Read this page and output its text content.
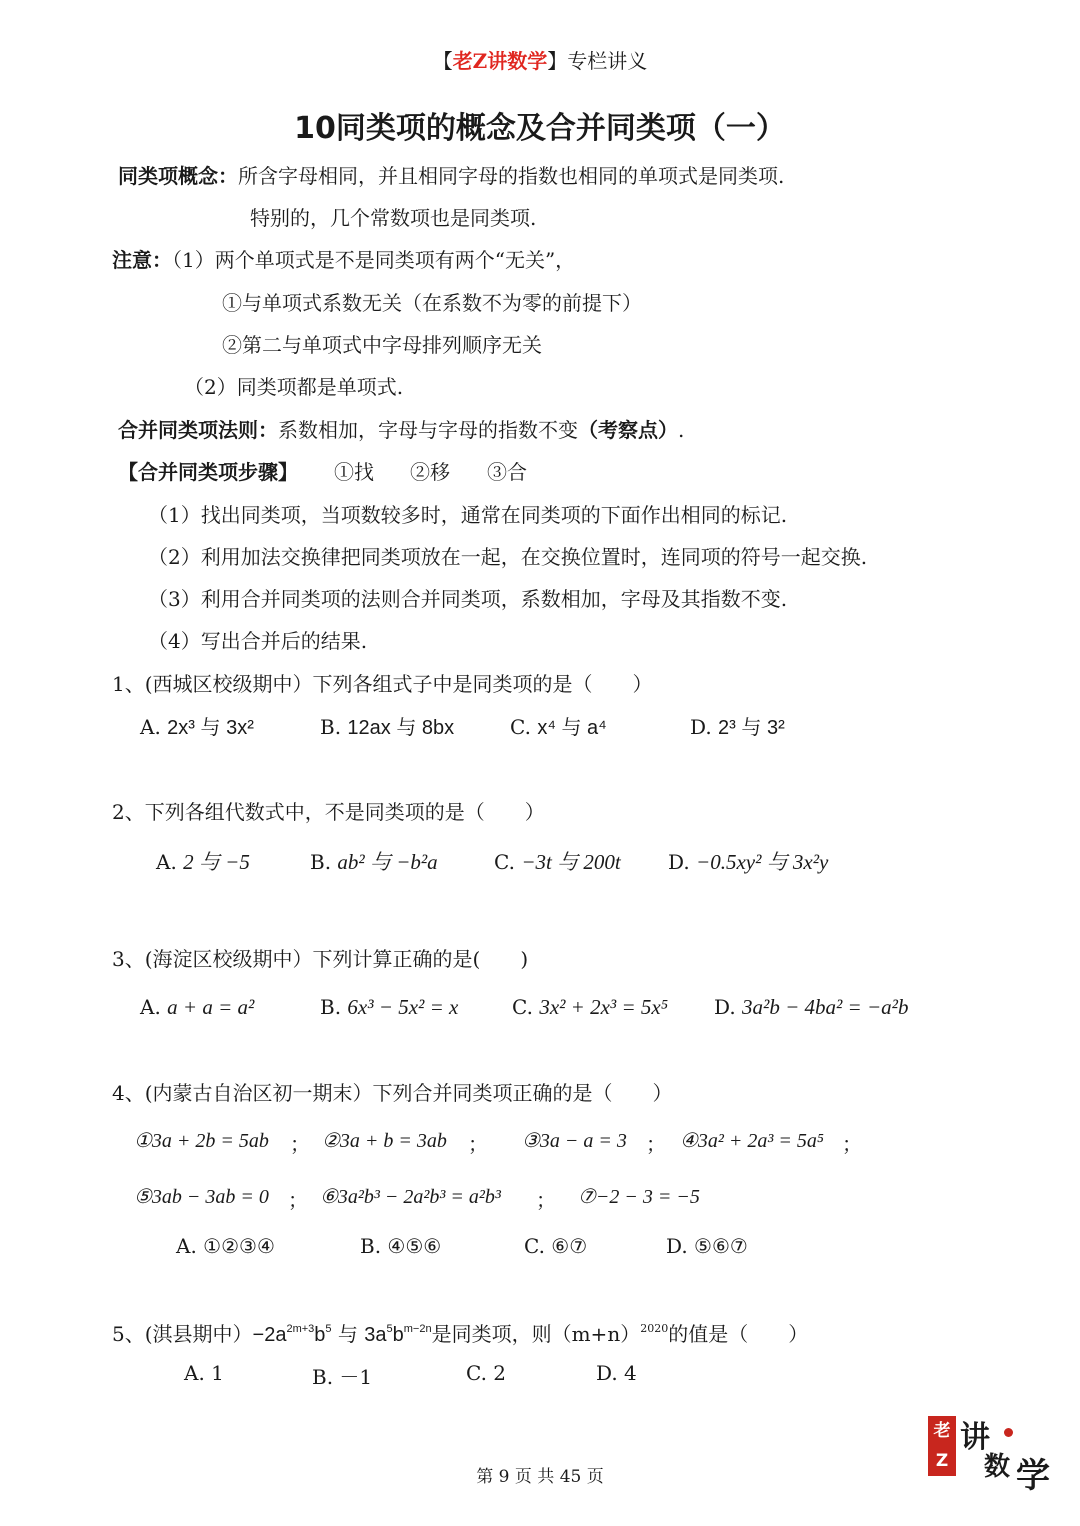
【老Z讲数学】专栏讲义
10同类项的概念及合并同类项（一）
同类项概念：所含字母相同，并且相同字母的指数也相同的单项式是同类项.
特别的，几个常数项也是同类项.
注意：（1）两个单项式是不是同类项有两个“无关”，
①与单项式系数无关（在系数不为零的前提下）
②第二与单项式中字母排列顺序无关
（2）同类项都是单项式.
合并同类项法则：系数相加，字母与字母的指数不变（考察点）.
【合并同类项步骤】 ①找 ②移 ③合
（1）找出同类项，当项数较多时，通常在同类项的下面作出相同的标记.
（2）利用加法交换律把同类项放在一起，在交换位置时，连同项的符号一起交换.
（3）利用合并同类项的法则合并同类项，系数相加，字母及其指数不变.
（4）写出合并后的结果.
1、(西城区校级期中）下列各组式子中是同类项的是（　　）
A. 2x³ 与 3x²	B. 12ax 与 8bx	C. x⁴ 与 a⁴	D. 2³ 与 3²
2、下列各组代数式中，不是同类项的是（　　）
A. 2 与 −5	B. ab² 与 −b²a	C. −3t 与 200t D. −0.5xy² 与 3x²y
3、(海淀区校级期中）下列计算正确的是(　　)
A. a + a = a²	B. 6x³ − 5x² = x	C. 3x² + 2x³ = 5x⁵ D. 3a²b − 4ba² = −a²b
4、(内蒙古自治区初一期末）下列合并同类项正确的是（　　）
①3a + 2b = 5ab ； ②3a + b = 3ab ； ③3a − a = 3 ； ④3a² + 2a³ = 5a⁵ ；
⑤3ab − 3ab = 0 ； ⑥3a²b³ − 2a²b³ = a²b³ ； ⑦−2 − 3 = −5
A. ①②③④	B. ④⑤⑥	C. ⑥⑦	D. ⑤⑥⑦
5、(淇县期中）$-2a^{2m+3}b^5$ 与 $3a^5b^{m-2n}$是同类项，则$(m+n)^{2020}$的值是（　　）
A. 1	B. －1	C. 2	D. 4
老Z
讲
数 学
第 9 页 共 45 页
